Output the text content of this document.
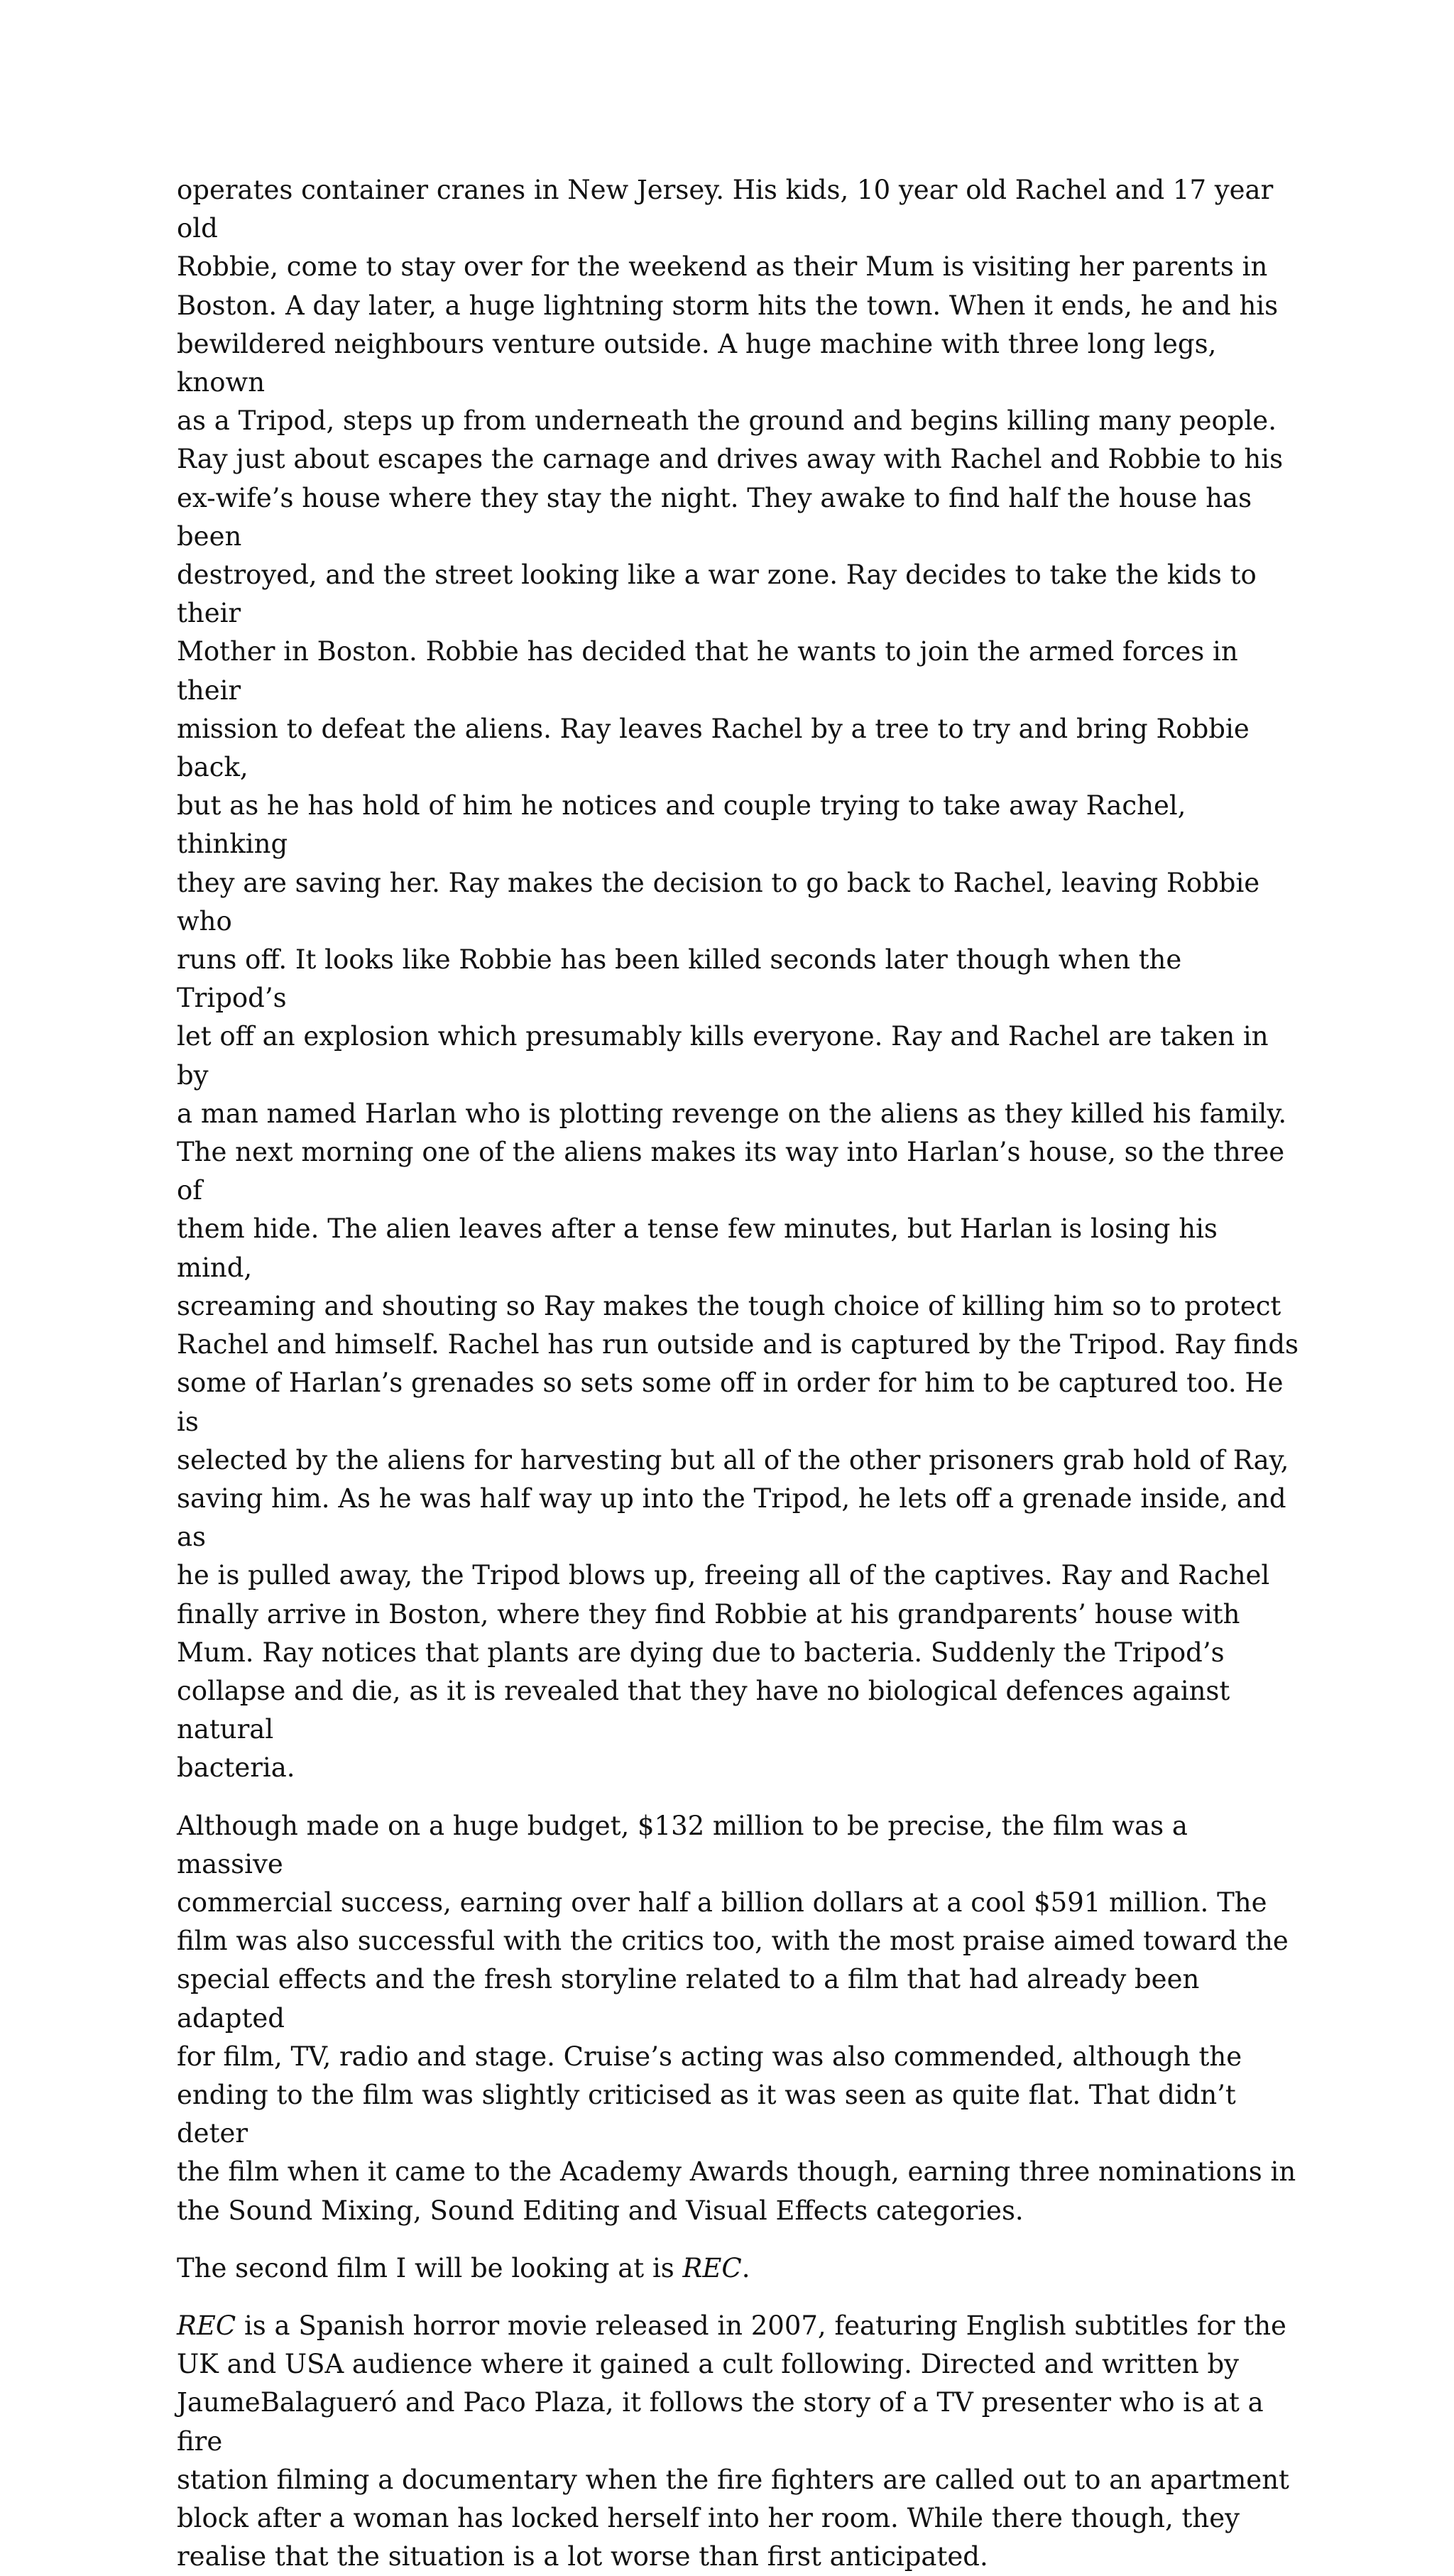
operates container cranes in New Jersey. His kids, 10 year old Rachel and 17 year old
Robbie, come to stay over for the weekend as their Mum is visiting her parents in
Boston. A day later, a huge lightning storm hits the town. When it ends, he and his
bewildered neighbours venture outside. A huge machine with three long legs, known
as a Tripod, steps up from underneath the ground and begins killing many people.
Ray just about escapes the carnage and drives away with Rachel and Robbie to his
ex-wife’s house where they stay the night. They awake to find half the house has been
destroyed, and the street looking like a war zone. Ray decides to take the kids to their
Mother in Boston. Robbie has decided that he wants to join the armed forces in their
mission to defeat the aliens. Ray leaves Rachel by a tree to try and bring Robbie back,
but as he has hold of him he notices and couple trying to take away Rachel, thinking
they are saving her. Ray makes the decision to go back to Rachel, leaving Robbie who
runs off. It looks like Robbie has been killed seconds later though when the Tripod’s
let off an explosion which presumably kills everyone. Ray and Rachel are taken in by
a man named Harlan who is plotting revenge on the aliens as they killed his family.
The next morning one of the aliens makes its way into Harlan’s house, so the three of
them hide. The alien leaves after a tense few minutes, but Harlan is losing his mind,
screaming and shouting so Ray makes the tough choice of killing him so to protect
Rachel and himself. Rachel has run outside and is captured by the Tripod. Ray finds
some of Harlan’s grenades so sets some off in order for him to be captured too. He is
selected by the aliens for harvesting but all of the other prisoners grab hold of Ray,
saving him. As he was half way up into the Tripod, he lets off a grenade inside, and as
he is pulled away, the Tripod blows up, freeing all of the captives. Ray and Rachel
finally arrive in Boston, where they find Robbie at his grandparents’ house with
Mum. Ray notices that plants are dying due to bacteria. Suddenly the Tripod’s
collapse and die, as it is revealed that they have no biological defences against natural
bacteria.

Although made on a huge budget, $132 million to be precise, the film was a massive
commercial success, earning over half a billion dollars at a cool $591 million. The
film was also successful with the critics too, with the most praise aimed toward the
special effects and the fresh storyline related to a film that had already been adapted
for film, TV, radio and stage. Cruise’s acting was also commended, although the
ending to the film was slightly criticised as it was seen as quite flat. That didn’t deter
the film when it came to the Academy Awards though, earning three nominations in
the Sound Mixing, Sound Editing and Visual Effects categories.

The second film I will be looking at is REC.

REC is a Spanish horror movie released in 2007, featuring English subtitles for the
UK and USA audience where it gained a cult following. Directed and written by
JaumeBalagueró and Paco Plaza, it follows the story of a TV presenter who is at a fire
station filming a documentary when the fire fighters are called out to an apartment
block after a woman has locked herself into her room. While there though, they
realise that the situation is a lot worse than first anticipated.
